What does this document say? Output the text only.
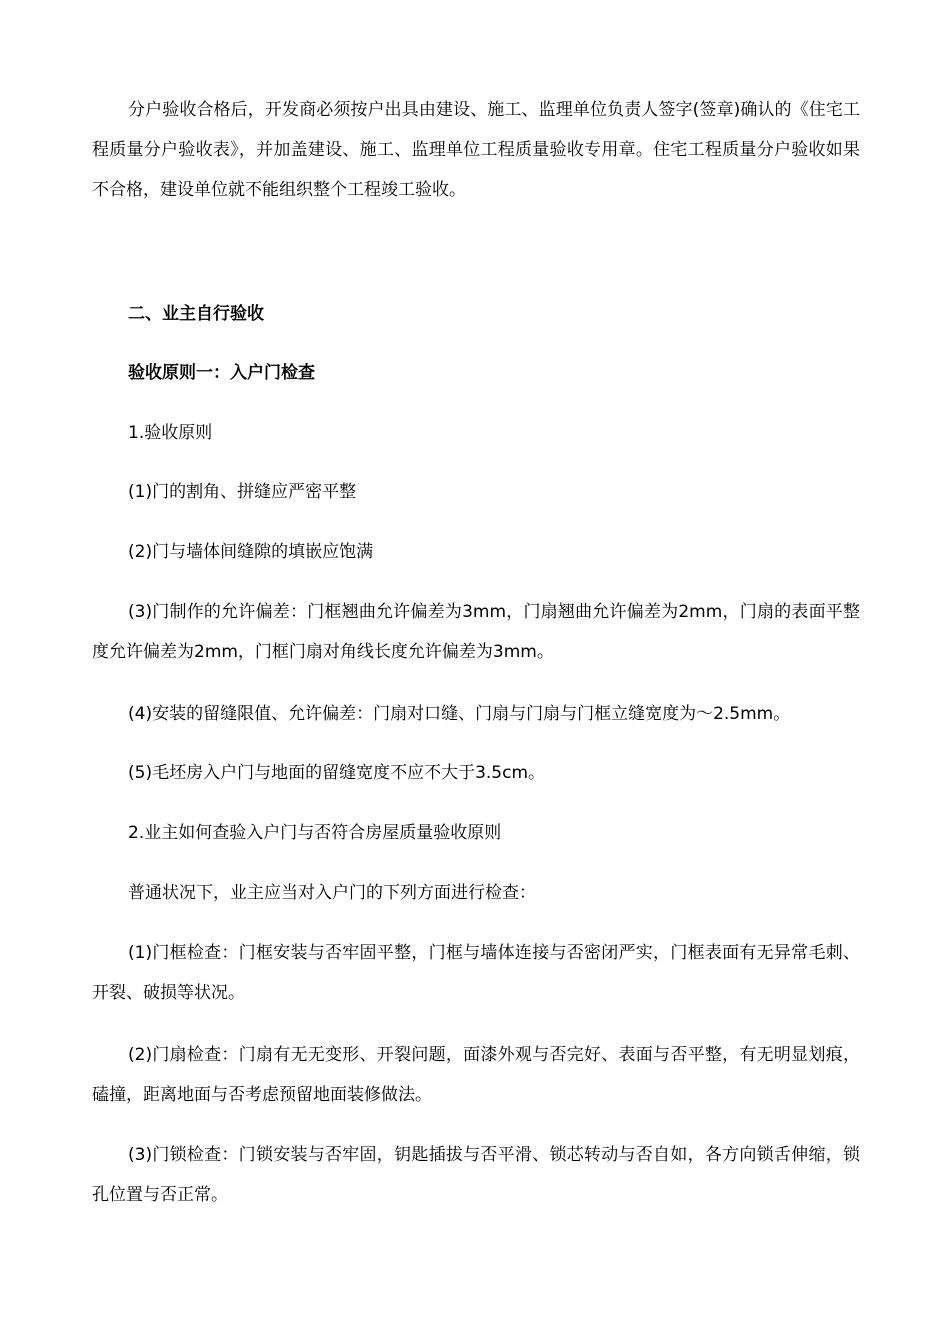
分户验收合格后，开发商必须按户出具由建设、施工、监理单位负责人签字(签章)确认的《住宅工程质量分户验收表》，并加盖建设、施工、监理单位工程质量验收专用章。住宅工程质量分户验收如果不合格，建设单位就不能组织整个工程竣工验收。

二、业主自行验收

验收原则一：入户门检查

1.验收原则

(1)门的割角、拼缝应严密平整

(2)门与墙体间缝隙的填嵌应饱满

(3)门制作的允许偏差：门框翘曲允许偏差为3mm，门扇翘曲允许偏差为2mm，门扇的表面平整度允许偏差为2mm，门框门扇对角线长度允许偏差为3mm。

(4)安装的留缝限值、允许偏差：门扇对口缝、门扇与门扇与门框立缝宽度为～2.5mm。

(5)毛坯房入户门与地面的留缝宽度不应不大于3.5cm。

2.业主如何查验入户门与否符合房屋质量验收原则

普通状况下，业主应当对入户门的下列方面进行检查：

(1)门框检查：门框安装与否牢固平整，门框与墙体连接与否密闭严实，门框表面有无异常毛刺、开裂、破损等状况。

(2)门扇检查：门扇有无无变形、开裂问题，面漆外观与否完好、表面与否平整，有无明显划痕，磕撞，距离地面与否考虑预留地面装修做法。

(3)门锁检查：门锁安装与否牢固，钥匙插拔与否平滑、锁芯转动与否自如，各方向锁舌伸缩，锁孔位置与否正常。
